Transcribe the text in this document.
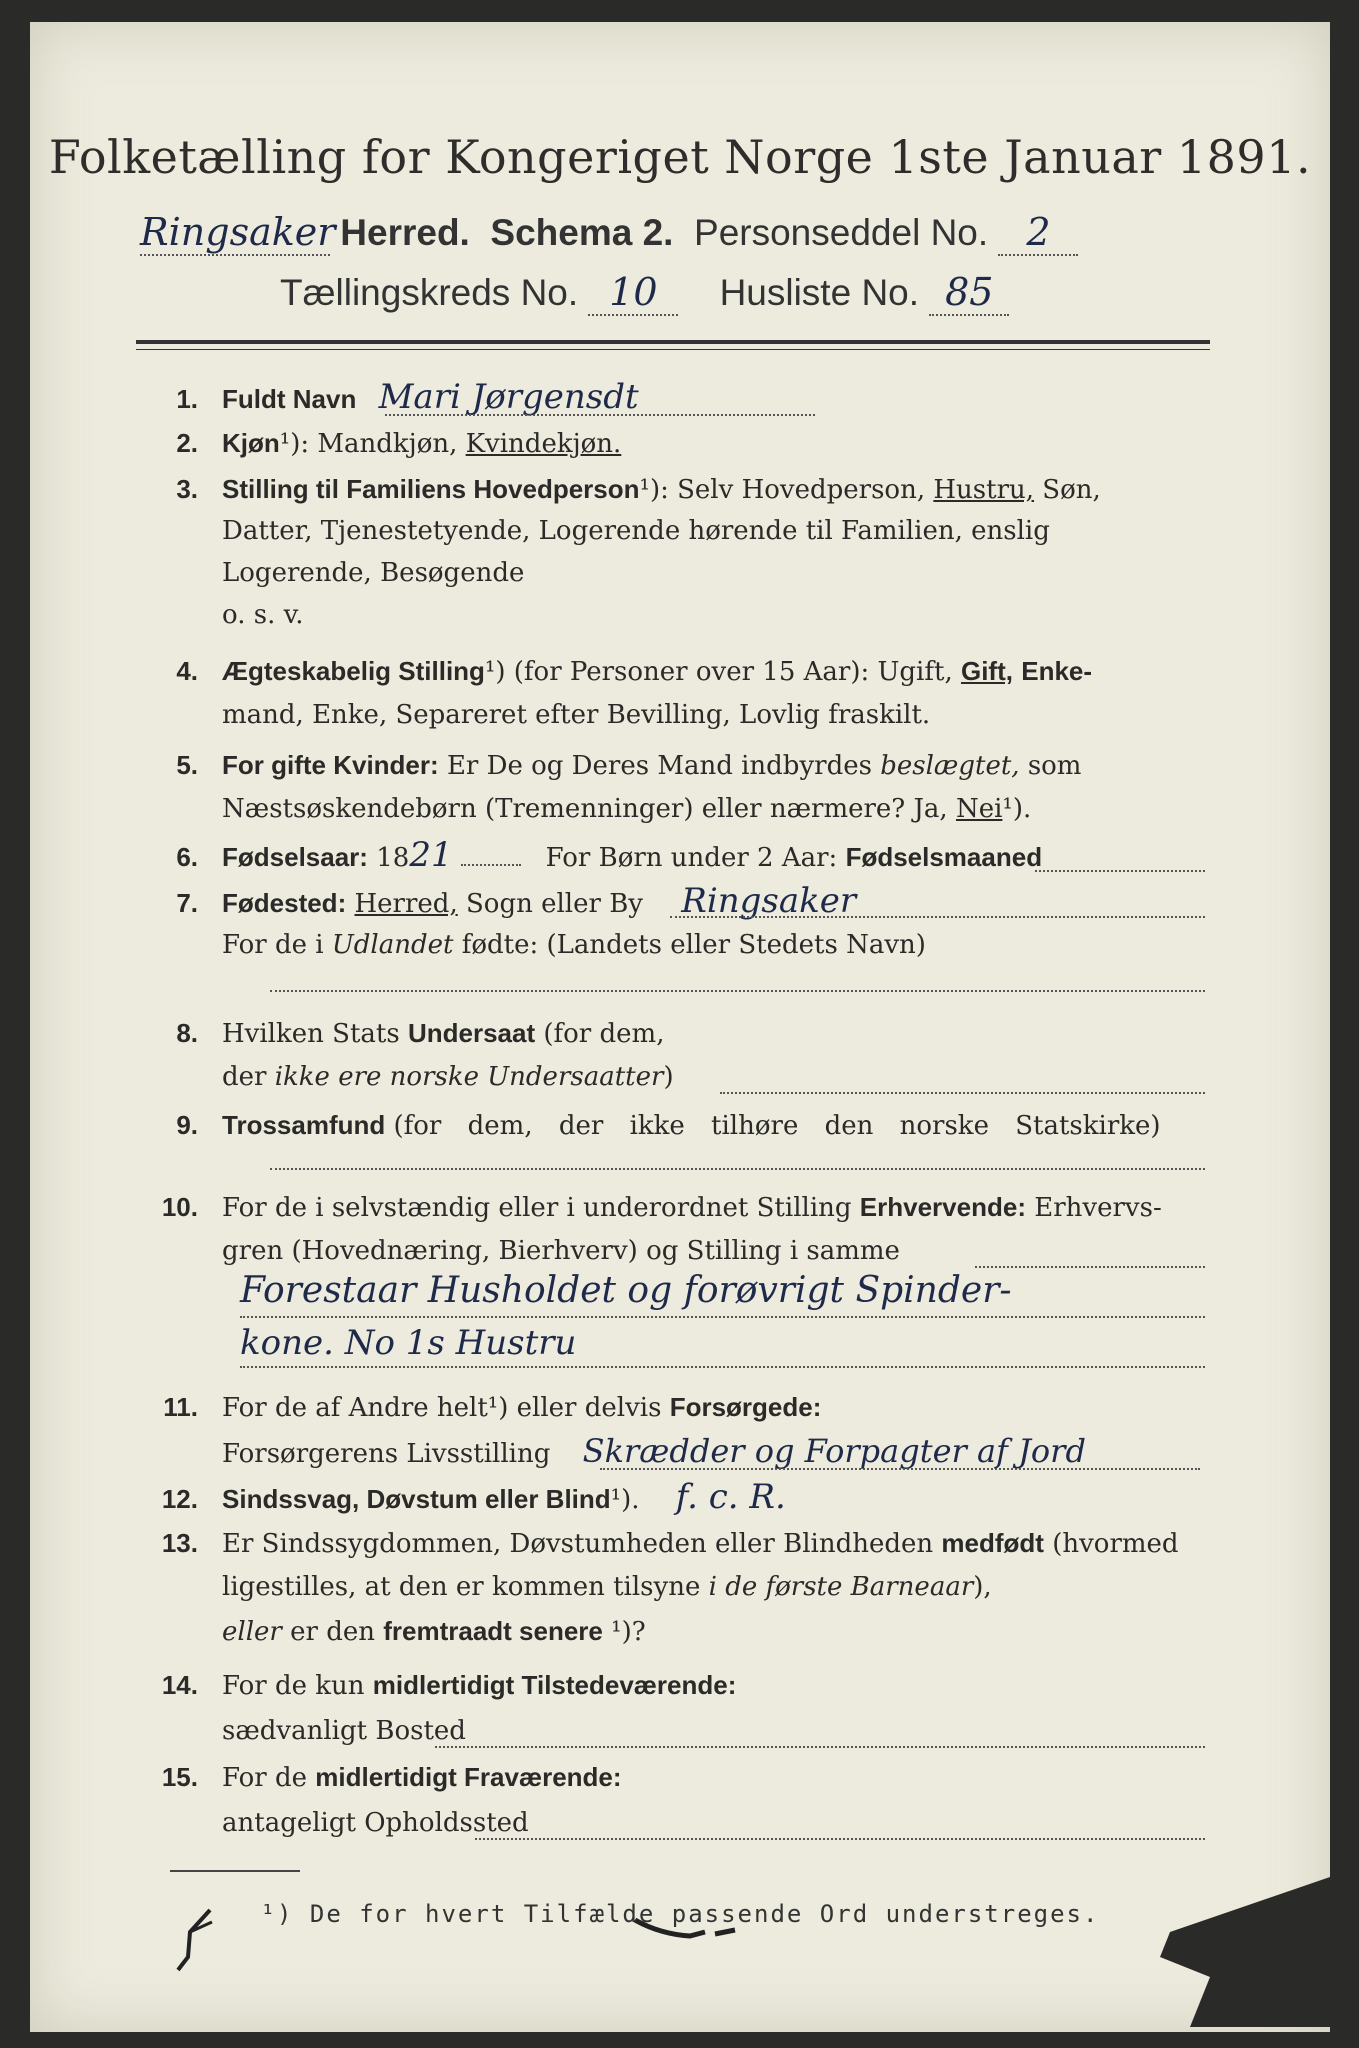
Folketælling for Kongeriget Norge 1ste Januar 1891.
Ringsaker Herred. Schema 2. Personseddel No. 2
Tællingskreds No. 10 Husliste No. 85
1. Fuldt Navn Mari Jørgensdt
2. Kjøn¹): Mandkjøn, Kvindekjøn.
3. Stilling til Familiens Hovedperson¹): Selv Hovedperson, Hustru, Søn,
Datter, Tjenestetyende, Logerende hørende til Familien, enslig
Logerende, Besøgende
o. s. v.
4. Ægteskabelig Stilling¹) (for Personer over 15 Aar): Ugift, Gift, Enke-
mand, Enke, Separeret efter Bevilling, Lovlig fraskilt.
5. For gifte Kvinder: Er De og Deres Mand indbyrdes beslægtet, som
Næstsøskendebørn (Tremenninger) eller nærmere? Ja, Nei¹).
6. Fødselsaar: 1821	For Børn under 2 Aar: Fødselsmaaned
7. Fødested: Herred, Sogn eller By Ringsaker
For de i Udlandet fødte: (Landets eller Stedets Navn)
8. Hvilken Stats Undersaat (for dem,
der ikke ere norske Undersaatter)
9. Trossamfund (for dem, der ikke tilhøre den norske Statskirke)
10. For de i selvstændig eller i underordnet Stilling Erhvervende: Erhvervs-
gren (Hovednæring, Bierhverv) og Stilling i samme
Forestaar Husholdet og forøvrigt Spinder-
kone. No 1s Hustru
11. For de af Andre helt¹) eller delvis Forsørgede:
Forsørgerens Livsstilling Skrædder og Forpagter af Jord
12. Sindssvag, Døvstum eller Blind¹). f. c. R.
13. Er Sindssygdommen, Døvstumheden eller Blindheden medfødt (hvormed
ligestilles, at den er kommen tilsyne i de første Barneaar),
eller er den fremtraadt senere ¹)?
14. For de kun midlertidigt Tilstedeværende:
sædvanligt Bosted
15. For de midlertidigt Fraværende:
antageligt Opholdssted
¹) De for hvert Tilfælde passende Ord understreges.
